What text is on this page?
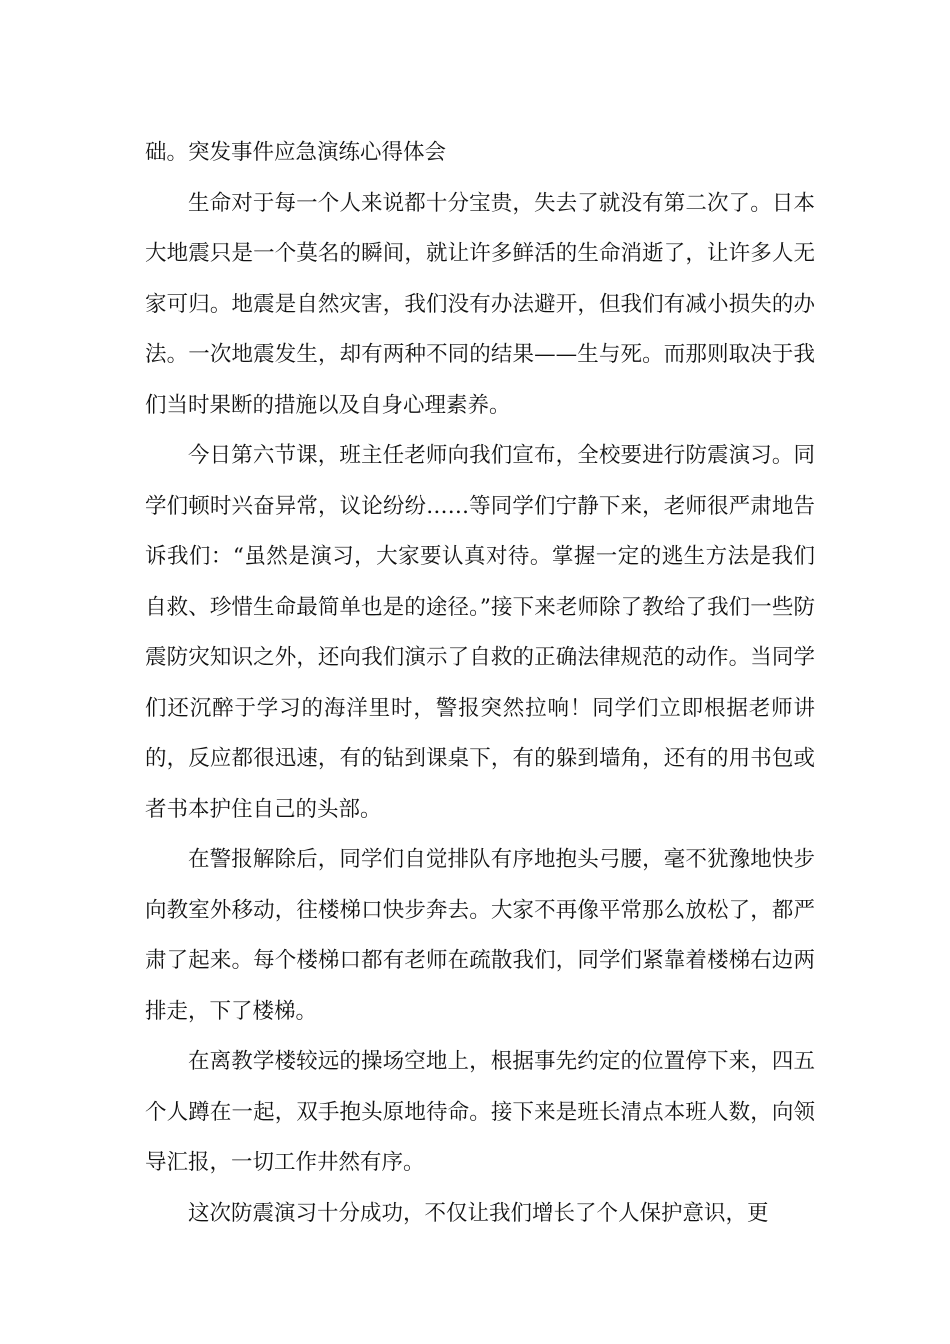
础。突发事件应急演练心得体会

生命对于每一个人来说都十分宝贵，失去了就没有第二次了。日本大地震只是一个莫名的瞬间，就让许多鲜活的生命消逝了，让许多人无家可归。地震是自然灾害，我们没有办法避开，但我们有减小损失的办法。一次地震发生，却有两种不同的结果——生与死。而那则取决于我们当时果断的措施以及自身心理素养。

今日第六节课，班主任老师向我们宣布，全校要进行防震演习。同学们顿时兴奋异常，议论纷纷……等同学们宁静下来，老师很严肃地告诉我们：“虽然是演习，大家要认真对待。掌握一定的逃生方法是我们自救、珍惜生命最简单也是的途径。”接下来老师除了教给了我们一些防震防灾知识之外，还向我们演示了自救的正确法律规范的动作。当同学们还沉醉于学习的海洋里时，警报突然拉响！同学们立即根据老师讲的，反应都很迅速，有的钻到课桌下，有的躲到墙角，还有的用书包或者书本护住自己的头部。

在警报解除后，同学们自觉排队有序地抱头弓腰，毫不犹豫地快步向教室外移动，往楼梯口快步奔去。大家不再像平常那么放松了，都严肃了起来。每个楼梯口都有老师在疏散我们，同学们紧靠着楼梯右边两排走，下了楼梯。

在离教学楼较远的操场空地上，根据事先约定的位置停下来，四五个人蹲在一起，双手抱头原地待命。接下来是班长清点本班人数，向领导汇报，一切工作井然有序。

这次防震演习十分成功，不仅让我们增长了个人保护意识，更
